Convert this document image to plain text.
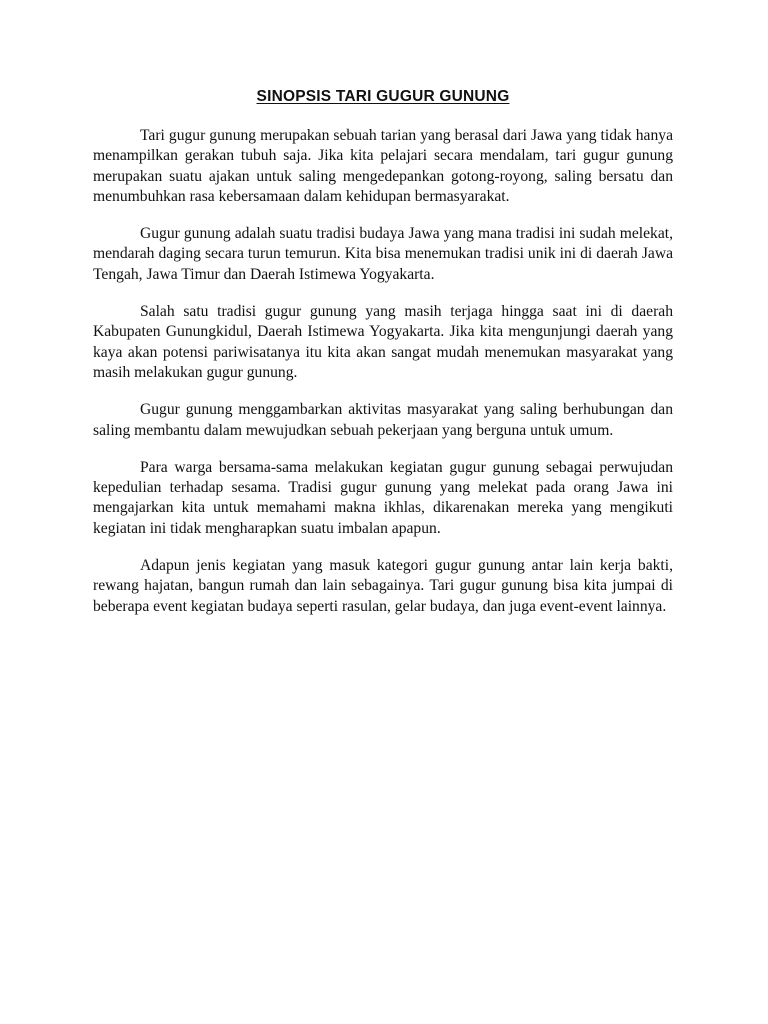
SINOPSIS TARI GUGUR GUNUNG

Tari gugur gunung merupakan sebuah tarian yang berasal dari Jawa yang tidak hanya menampilkan gerakan tubuh saja. Jika kita pelajari secara mendalam, tari gugur gunung merupakan suatu ajakan untuk saling mengedepankan gotong-royong, saling bersatu dan menumbuhkan rasa kebersamaan dalam kehidupan bermasyarakat.

Gugur gunung adalah suatu tradisi budaya Jawa yang mana tradisi ini sudah melekat, mendarah daging secara turun temurun. Kita bisa menemukan tradisi unik ini di daerah Jawa Tengah, Jawa Timur dan Daerah Istimewa Yogyakarta.

Salah satu tradisi gugur gunung yang masih terjaga hingga saat ini di daerah Kabupaten Gunungkidul, Daerah Istimewa Yogyakarta. Jika kita mengunjungi daerah yang kaya akan potensi pariwisatanya itu kita akan sangat mudah menemukan masyarakat yang masih melakukan gugur gunung.

Gugur gunung menggambarkan aktivitas masyarakat yang saling berhubungan dan saling membantu dalam mewujudkan sebuah pekerjaan yang berguna untuk umum.

Para warga bersama-sama melakukan kegiatan gugur gunung sebagai perwujudan kepedulian terhadap sesama. Tradisi gugur gunung yang melekat pada orang Jawa ini mengajarkan kita untuk memahami makna ikhlas, dikarenakan mereka yang mengikuti kegiatan ini tidak mengharapkan suatu imbalan apapun.

Adapun jenis kegiatan yang masuk kategori gugur gunung antar lain kerja bakti, rewang hajatan, bangun rumah dan lain sebagainya. Tari gugur gunung bisa kita jumpai di beberapa event kegiatan budaya seperti rasulan, gelar budaya, dan juga event-event lainnya.
